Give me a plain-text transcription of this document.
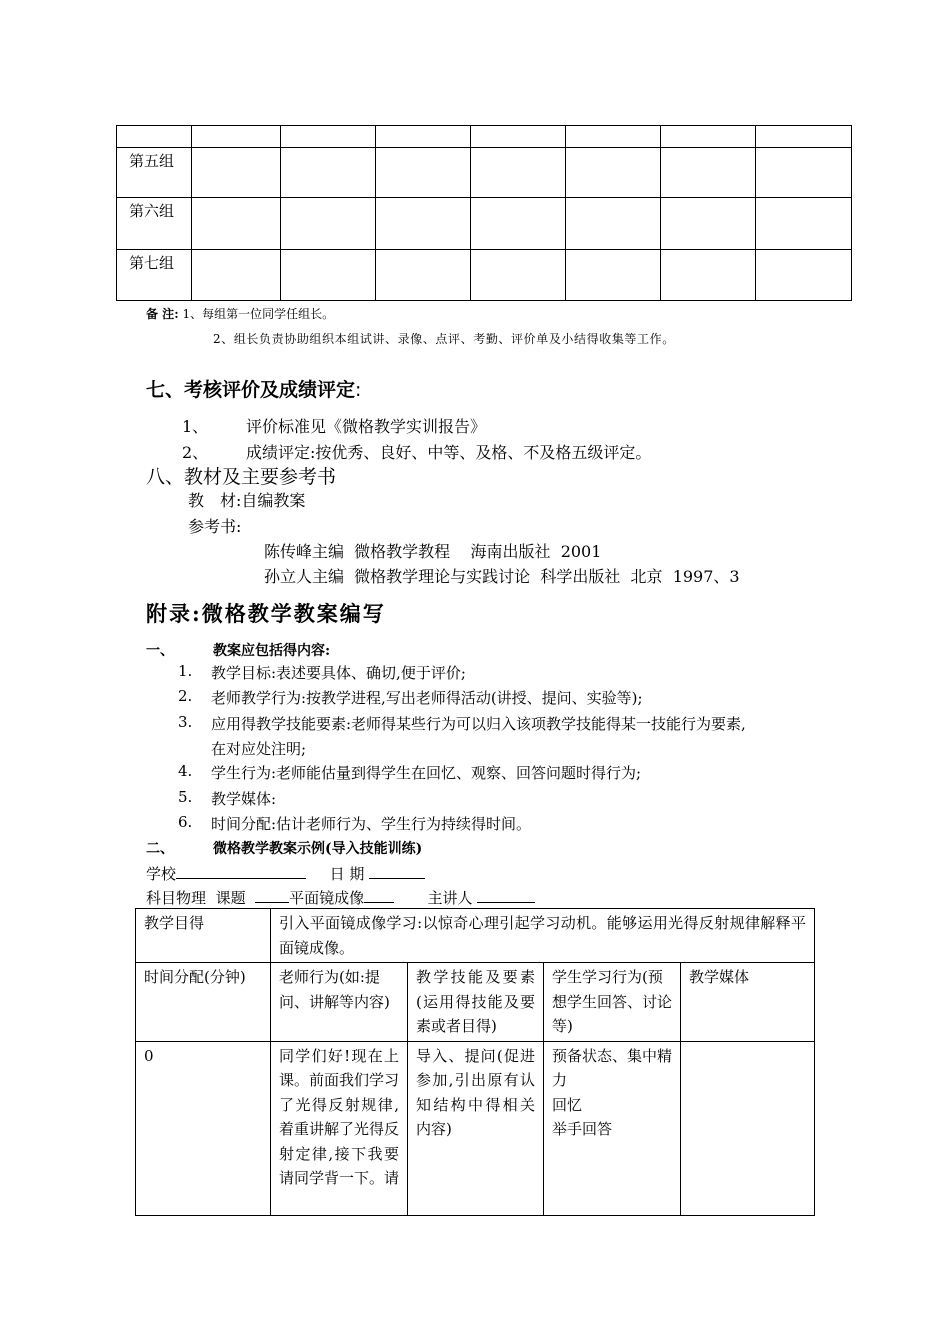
第五组							
第六组							
第七组							
备 注: 1、每组第一位同学任组长。
2、组长负责协助组织本组试讲、录像、点评、考勤、评价单及小结得收集等工作。
七、考核评价及成绩评定:
1、 评价标准见《微格教学实训报告》
2、 成绩评定:按优秀、良好、中等、及格、不及格五级评定。
八、教材及主要参考书
教　材:自编教案
参考书:
陈传峰主编  微格教学教程    海南出版社  2001
孙立人主编  微格教学理论与实践讨论  科学出版社  北京  1997、3
附录:微格教学教案编写
一、	教案应包括得内容:
1. 教学目标:表述要具体、确切,便于评价;
2. 老师教学行为:按教学进程,写出老师得活动(讲授、提问、实验等);
3. 应用得教学技能要素:老师得某些行为可以归入该项教学技能得某一技能行为要素,
在对应处注明;
4. 学生行为:老师能估量到得学生在回忆、观察、回答问题时得行为;
5. 教学媒体:
6. 时间分配:估计老师行为、学生行为持续得时间。
二、	微格教学教案示例(导入技能训练)
学校	日 期
科目物理 课题	平面镜成像	主讲人
教学目得	引入平面镜成像学习:以惊奇心理引起学习动机。能够运用光得反射规律解释平面镜成像。			
时间分配(分钟)	老师行为(如:提问、讲解等内容)	教学技能及要素(运用得技能及要素或者目得)	学生学习行为(预想学生回答、讨论等)	教学媒体
0	同学们好!现在上课。前面我们学习了光得反射规律,着重讲解了光得反射定律,接下我要请同学背一下。请	导入、提问(促进参加,引出原有认知结构中得相关内容)	预备状态、集中精力
回忆
举手回答	
